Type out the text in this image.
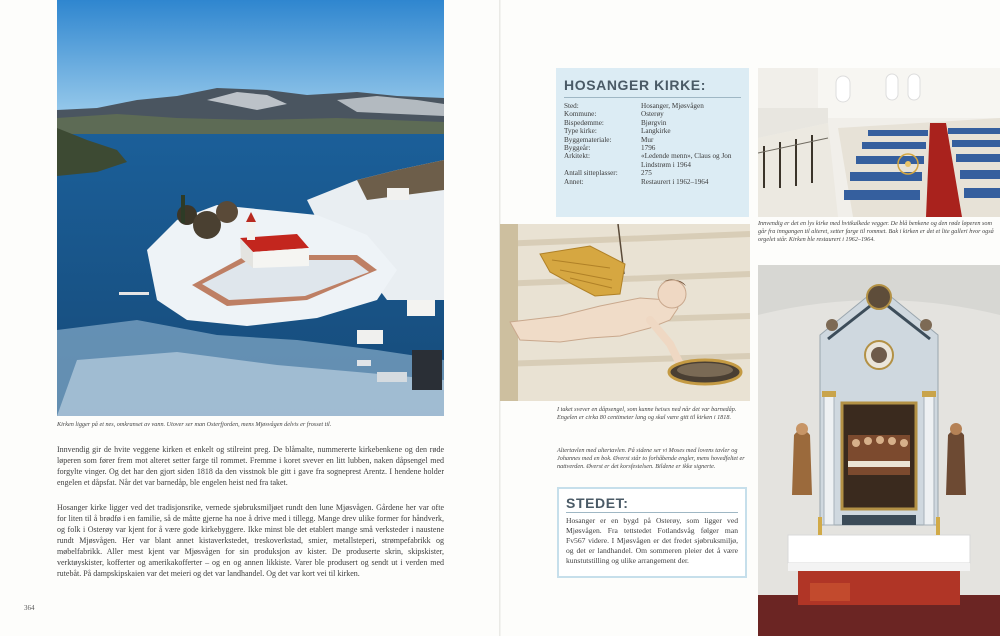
Kirken ligger på et nes, omkranset av vann. Utover ser man Osterfjorden, mens Mjøsvågen delvis er frosset til.

Innvendig gir de hvite veggene kirken et enkelt og stilreint preg. De blåmalte, nummererte kirkebenkene og den røde løperen som fører frem mot alteret setter farge til rommet. Fremme i koret svever en litt lubben, naken dåpsengel med forgylte vinger. Og det har den gjort siden 1818 da den visstnok ble gitt i gave fra sogneprest Arentz. I hendene holder engelen et dåpsfat. Når det var barnedåp, ble engelen heist ned fra taket.

Hosanger kirke ligger ved det tradisjonsrike, vernede sjøbruksmiljøet rundt den lune Mjøsvågen. Gårdene her var ofte for liten til å brødfø i en familie, så de måtte gjerne ha noe å drive med i tillegg. Mange drev ulike former for håndverk, og folk i Osterøy var kjent for å være gode kirkebyggere. Ikke minst ble det etablert mange små verksteder i naustene rundt Mjøsvågen. Her var blant annet kistaverkstedet, treskoverkstad, smier, metallsteperi, strømpefabrikk og møbelfabrikk. Aller mest kjent var Mjøsvågen for sin produksjon av kister. De produserte skrin, skipskister, verktøyskister, kofferter og amerikakofferter – og en og annen likkiste. Varer ble produsert og sendt ut i verden med rutebåt. På dampskipskaien var det meieri og det var landhandel. Og det var kort vei til kirken.

364
HOSANGER KIRKE:
Sted:	Hosanger, Mjøsvågen
Kommune:	Osterøy
Bispedømme:	Bjørgvin
Type kirke:	Langkirke
Byggemateriale:	Mur
Byggeår:	1796
Arkitekt:	«Ledende menn», Claus og Jon Lindstrøm i 1964
Antall sitteplasser:	275
Annet:	Restaurert i 1962–1964

Innvendig er det en lys kirke med hvitkalkede vegger. De blå benkene og den røde løperen som går fra inngangen til alteret, setter farge til rommet. Bak i kirken er det et lite galleri hvor også orgelet står. Kirken ble restaurert i 1962–1964.

I taket svever en dåpsengel, som kunne heises ned når det var barnedåp. Engelen er cirka 80 centimeter lang og skal være gitt til kirken i 1818.

Altertavlen med altertavlen. På sidene ser vi Moses med lovens tavler og Johannes med en bok. Øverst står to forhåbende engler, mens hovedfeltet er nattverden. Øverst er det korsfestelsen. Bildene er ikke signerte.

STEDET:

Hosanger er en bygd på Osterøy, som ligger ved Mjøsvågen. Fra tettstedet Fotlandsvåg følger man Fv567 videre. I Mjøsvågen er det fredet sjøbruksmiljø, og det er landhandel. Om sommeren pleier det å være kunstutstilling og ulike arrangement der.
